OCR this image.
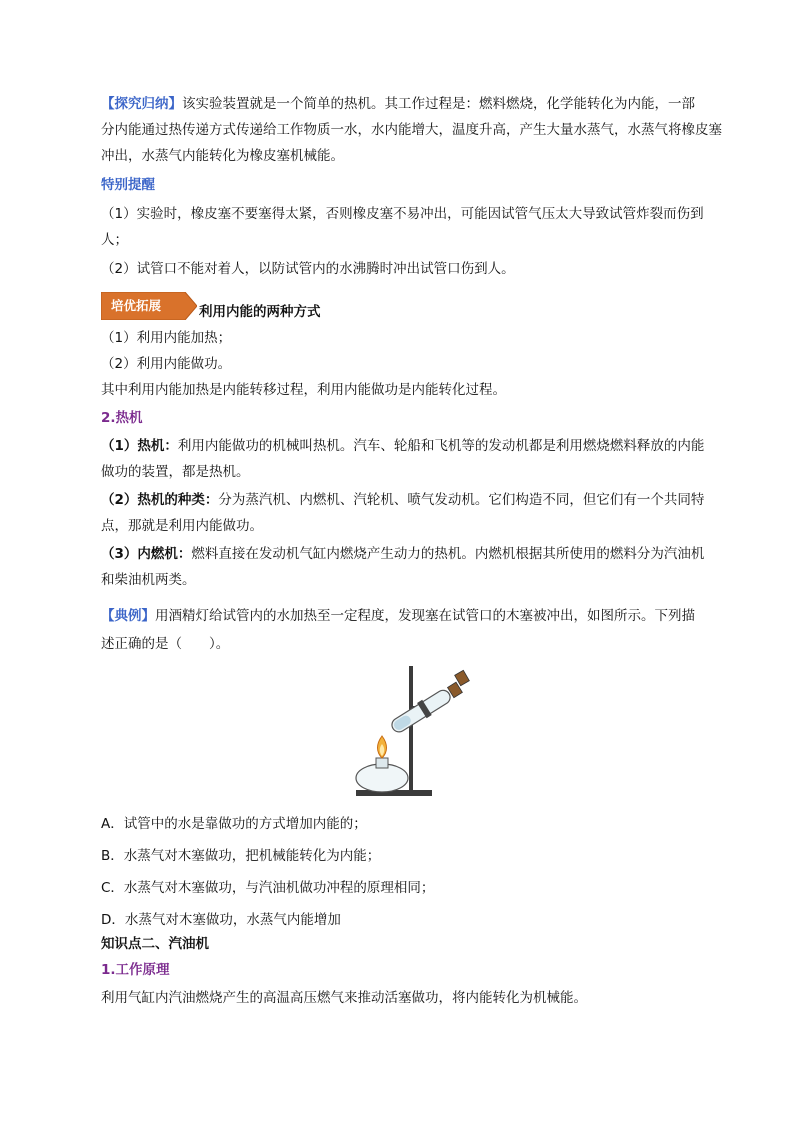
【探究归纳】该实验装置就是一个简单的热机。其工作过程是：燃料燃烧，化学能转化为内能，一部
分内能通过热传递方式传递给工作物质一水，水内能增大，温度升高，产生大量水蒸气，水蒸气将橡皮塞
冲出，水蒸气内能转化为橡皮塞机械能。
特别提醒
（1）实验时，橡皮塞不要塞得太紧，否则橡皮塞不易冲出，可能因试管气压太大导致试管炸裂而伤到
人；
（2）试管口不能对着人，以防试管内的水沸腾时冲出试管口伤到人。
培优拓展	利用内能的两种方式
（1）利用内能加热；
（2）利用内能做功。
其中利用内能加热是内能转移过程，利用内能做功是内能转化过程。
2.热机
（1）热机：利用内能做功的机械叫热机。汽车、轮船和飞机等的发动机都是利用燃烧燃料释放的内能
做功的装置，都是热机。
（2）热机的种类：分为蒸汽机、内燃机、汽轮机、喷气发动机。它们构造不同，但它们有一个共同特
点，那就是利用内能做功。
（3）内燃机：燃料直接在发动机气缸内燃烧产生动力的热机。内燃机根据其所使用的燃料分为汽油机
和柴油机两类。
【典例】用酒精灯给试管内的水加热至一定程度，发现塞在试管口的木塞被冲出，如图所示。下列描
述正确的是（　　）。
A．试管中的水是靠做功的方式增加内能的；
B．水蒸气对木塞做功，把机械能转化为内能；
C．水蒸气对木塞做功，与汽油机做功冲程的原理相同；
D．水蒸气对木塞做功，水蒸气内能增加
知识点二、汽油机
1.工作原理
利用气缸内汽油燃烧产生的高温高压燃气来推动活塞做功，将内能转化为机械能。
